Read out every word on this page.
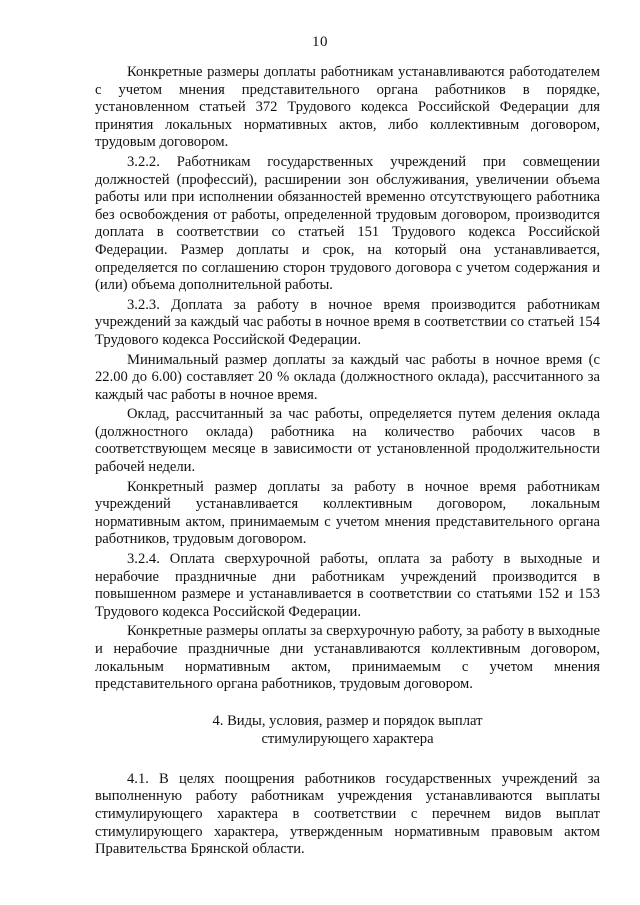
10

Конкретные размеры доплаты работникам устанавливаются работодателем с учетом мнения представительного органа работников в порядке, установленном статьей 372 Трудового кодекса Российской Федерации для принятия локальных нормативных актов, либо коллективным договором, трудовым договором.

3.2.2. Работникам государственных учреждений при совмещении должностей (профессий), расширении зон обслуживания, увеличении объема работы или при исполнении обязанностей временно отсутствующего работника без освобождения от работы, определенной трудовым договором, производится доплата в соответствии со статьей 151 Трудового кодекса Российской Федерации. Размер доплаты и срок, на который она устанавливается, определяется по соглашению сторон трудового договора с учетом содержания и (или) объема дополнительной работы.

3.2.3. Доплата за работу в ночное время производится работникам учреждений за каждый час работы в ночное время в соответствии со статьей 154 Трудового кодекса Российской Федерации.

Минимальный размер доплаты за каждый час работы в ночное время (с 22.00 до 6.00) составляет 20 % оклада (должностного оклада), рассчитанного за каждый час работы в ночное время.

Оклад, рассчитанный за час работы, определяется путем деления оклада (должностного оклада) работника на количество рабочих часов в соответствующем месяце в зависимости от установленной продолжительности рабочей недели.

Конкретный размер доплаты за работу в ночное время работникам учреждений устанавливается коллективным договором, локальным нормативным актом, принимаемым с учетом мнения представительного органа работников, трудовым договором.

3.2.4. Оплата сверхурочной работы, оплата за работу в выходные и нерабочие праздничные дни работникам учреждений производится в повышенном размере и устанавливается в соответствии со статьями 152 и 153 Трудового кодекса Российской Федерации.

Конкретные размеры оплаты за сверхурочную работу, за работу в выходные и нерабочие праздничные дни устанавливаются коллективным договором, локальным нормативным актом, принимаемым с учетом мнения представительного органа работников, трудовым договором.

4. Виды, условия, размер и порядок выплат
стимулирующего характера

4.1. В целях поощрения работников государственных учреждений за выполненную работу работникам учреждения устанавливаются выплаты стимулирующего характера в соответствии с перечнем видов выплат стимулирующего характера, утвержденным нормативным правовым актом Правительства Брянской области.
